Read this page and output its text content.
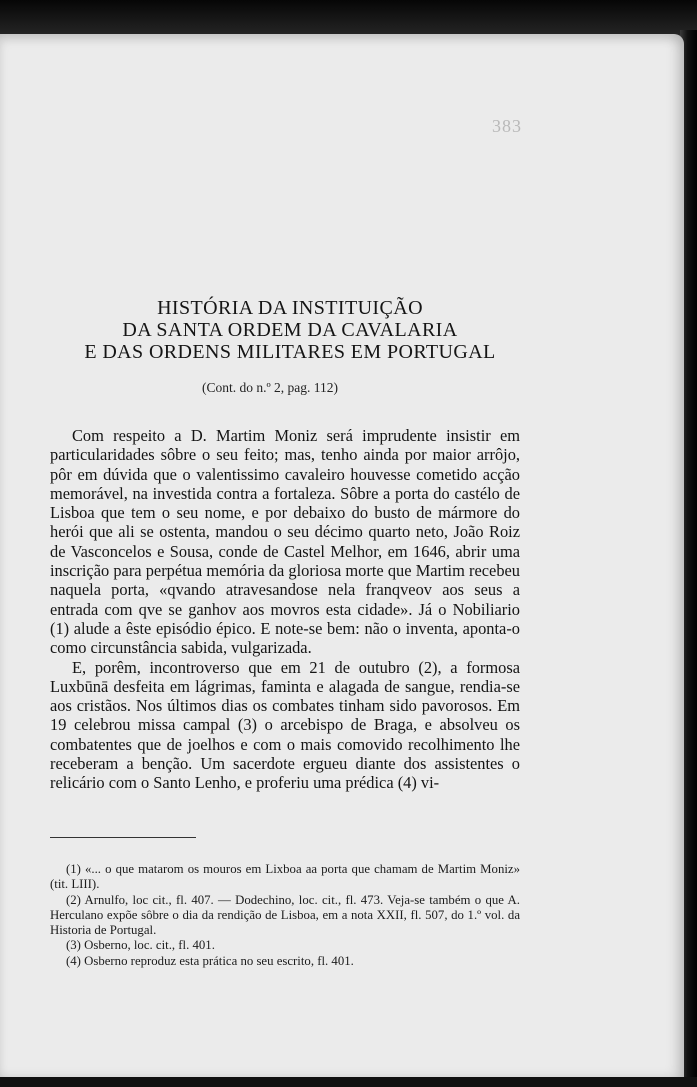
383
HISTÓRIA DA INSTITUIÇÃO
DA SANTA ORDEM DA CAVALARIA
E DAS ORDENS MILITARES EM PORTUGAL
(Cont. do n.º 2, pag. 112)

Com respeito a D. Martim Moniz será imprudente insistir em particularidades sôbre o seu feito; mas, tenho ainda por maior arrôjo, pôr em dúvida que o valentissimo cavaleiro houvesse cometido acção memorável, na investida contra a fortaleza. Sôbre a porta do castélo de Lisboa que tem o seu nome, e por debaixo do busto de mármore do herói que ali se ostenta, mandou o seu décimo quarto neto, João Roiz de Vasconcelos e Sousa, conde de Castel Melhor, em 1646, abrir uma inscrição para perpétua memória da gloriosa morte que Martim recebeu naquela porta, «qvando atravesandose nela franqveov aos seus a entrada com qve se ganhov aos movros esta cidade». Já o Nobiliario (1) alude a êste episódio épico. E note-se bem: não o inventa, aponta-o como circunstância sabida, vulgarizada.

E, porêm, incontroverso que em 21 de outubro (2), a formosa Luxbūnā desfeita em lágrimas, faminta e alagada de sangue, rendia-se aos cristãos. Nos últimos dias os combates tinham sido pavorosos. Em 19 celebrou missa campal (3) o arcebispo de Braga, e absolveu os combatentes que de joelhos e com o mais comovido recolhimento lhe receberam a benção. Um sacerdote ergueu diante dos assistentes o relicário com o Santo Lenho, e proferiu uma prédica (4) vi-

(1) «... o que matarom os mouros em Lixboa aa porta que chamam de Martim Moniz» (tit. LIII).

(2) Arnulfo, loc cit., fl. 407. — Dodechino, loc. cit., fl. 473. Veja-se também o que A. Herculano expõe sôbre o dia da rendição de Lisboa, em a nota XXII, fl. 507, do 1.º vol. da Historia de Portugal.

(3) Osberno, loc. cit., fl. 401.

(4) Osberno reproduz esta prática no seu escrito, fl. 401.
